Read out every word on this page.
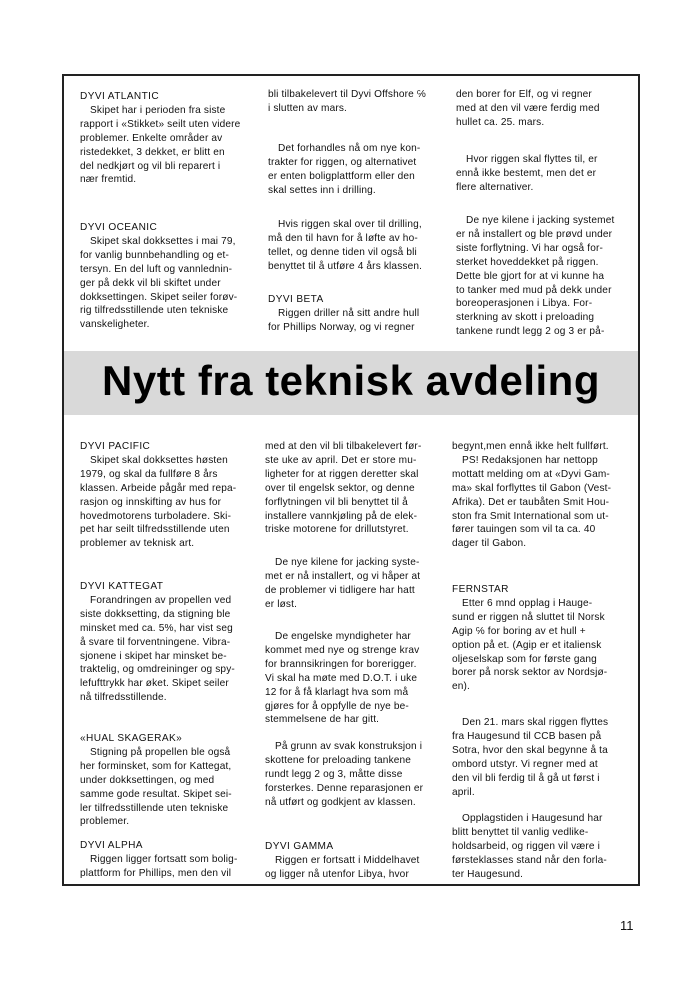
DYVI ATLANTIC

Skipet har i perioden fra siste

rapport i «Stikket» seilt uten videre

problemer. Enkelte områder av

ristedekket, 3 dekket, er blitt en

del nedkjørt og vil bli reparert i

nær fremtid.

DYVI OCEANIC

Skipet skal dokksettes i mai 79,

for vanlig bunnbehandling og et-

tersyn. En del luft og vannlednin-

ger på dekk vil bli skiftet under

dokksettingen. Skipet seiler forøv-

rig tilfredsstillende uten tekniske

vanskeligheter.

bli tilbakelevert til Dyvi Offshore ℅

i slutten av mars.

Det forhandles nå om nye kon-

trakter for riggen, og alternativet

er enten boligplattform eller den

skal settes inn i drilling.

Hvis riggen skal over til drilling,

må den til havn for å løfte av ho-

tellet, og denne tiden vil også bli

benyttet til å utføre 4 års klassen.

DYVI BETA

Riggen driller nå sitt andre hull

for Phillips Norway, og vi regner

den borer for Elf, og vi regner

med at den vil være ferdig med

hullet ca. 25. mars.

Hvor riggen skal flyttes til, er

ennå ikke bestemt, men det er

flere alternativer.

De nye kilene i jacking systemet

er nå installert og ble prøvd under

siste forflytning. Vi har også for-

sterket hoveddekket på riggen.

Dette ble gjort for at vi kunne ha

to tanker med mud på dekk under

boreoperasjonen i Libya. For-

sterkning av skott i preloading

tankene rundt legg 2 og 3 er på-

Nytt fra teknisk avdeling

DYVI PACIFIC

Skipet skal dokksettes høsten

1979, og skal da fullføre 8 års

klassen. Arbeide pågår med repa-

rasjon og innskifting av hus for

hovedmotorens turboladere. Ski-

pet har seilt tilfredsstillende uten

problemer av teknisk art.

DYVI KATTEGAT

Forandringen av propellen ved

siste dokksetting, da stigning ble

minsket med ca. 5%, har vist seg

å svare til forventningene. Vibra-

sjonene i skipet har minsket be-

traktelig, og omdreininger og spy-

lefufttrykk har øket. Skipet seiler

nå tilfredsstillende.

«HUAL SKAGERAK»

Stigning på propellen ble også

her forminsket, som for Kattegat,

under dokksettingen, og med

samme gode resultat. Skipet sei-

ler tilfredsstillende uten tekniske

problemer.

DYVI ALPHA

Riggen ligger fortsatt som bolig-

plattform for Phillips, men den vil

med at den vil bli tilbakelevert før-

ste uke av april. Det er store mu-

ligheter for at riggen deretter skal

over til engelsk sektor, og denne

forflytningen vil bli benyttet til å

installere vannkjøling på de elek-

triske motorene for drillutstyret.

De nye kilene for jacking syste-

met er nå installert, og vi håper at

de problemer vi tidligere har hatt

er løst.

De engelske myndigheter har

kommet med nye og strenge krav

for brannsikringen for borerigger.

Vi skal ha møte med D.O.T. i uke

12 for å få klarlagt hva som må

gjøres for å oppfylle de nye be-

stemmelsene de har gitt.

På grunn av svak konstruksjon i

skottene for preloading tankene

rundt legg 2 og 3, måtte disse

forsterkes. Denne reparasjonen er

nå utført og godkjent av klassen.

DYVI GAMMA

Riggen er fortsatt i Middelhavet

og ligger nå utenfor Libya, hvor

begynt,men ennå ikke helt fullført.

PS! Redaksjonen har nettopp

mottatt melding om at «Dyvi Gam-

ma» skal forflyttes til Gabon (Vest-

Afrika). Det er taubåten Smit Hou-

ston fra Smit International som ut-

fører tauingen som vil ta ca. 40

dager til Gabon.

FERNSTAR

Etter 6 mnd opplag i Hauge-

sund er riggen nå sluttet til Norsk

Agip ℅ for boring av et hull +

option på et. (Agip er et italiensk

oljeselskap som for første gang

borer på norsk sektor av Nordsjø-

en).

Den 21. mars skal riggen flyttes

fra Haugesund til CCB basen på

Sotra, hvor den skal begynne å ta

ombord utstyr. Vi regner med at

den vil bli ferdig til å gå ut først i

april.

Opplagstiden i Haugesund har

blitt benyttet til vanlig vedlike-

holdsarbeid, og riggen vil være i

førsteklasses stand når den forla-

ter Haugesund.

11
